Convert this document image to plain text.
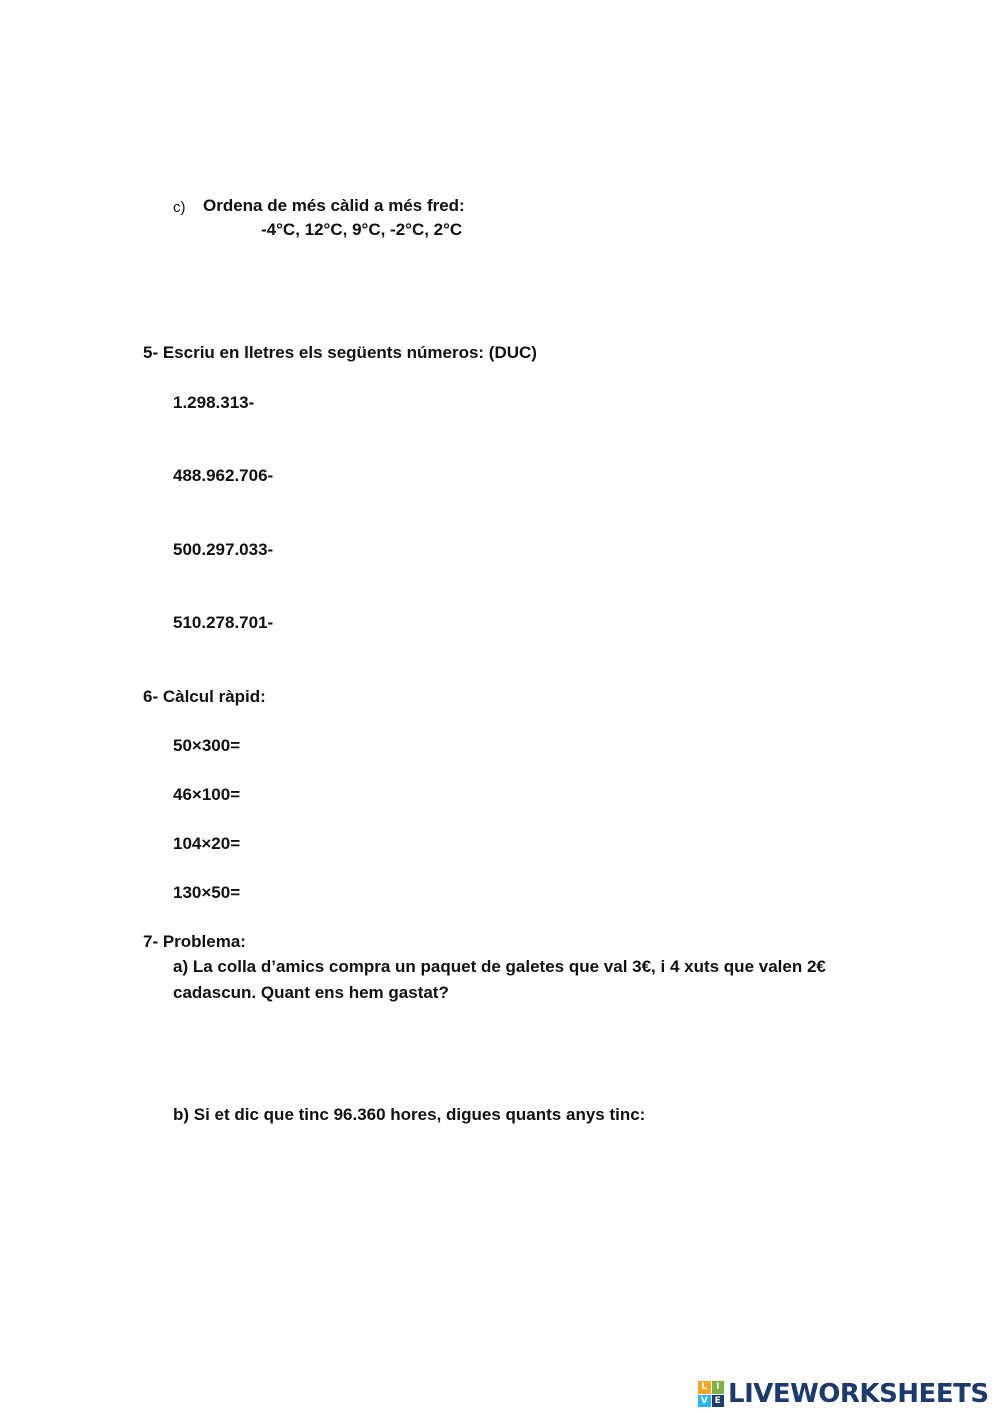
c) Ordena de més càlid a més fred:
-4°C, 12°C, 9°C, -2°C, 2°C
5- Escriu en lletres els següents números: (DUC)
1.298.313-
488.962.706-
500.297.033-
510.278.701-
6- Càlcul ràpid:
50×300=
46×100=
104×20=
130×50=
7- Problema:
a) La colla d’amics compra un paquet de galetes que val 3€, i 4 xuts que valen 2€
cadascun. Quant ens hem gastat?
b) Si et dic que tinc 96.360 hores, digues quants anys tinc:
L I
V E LIVEWORKSHEETS
